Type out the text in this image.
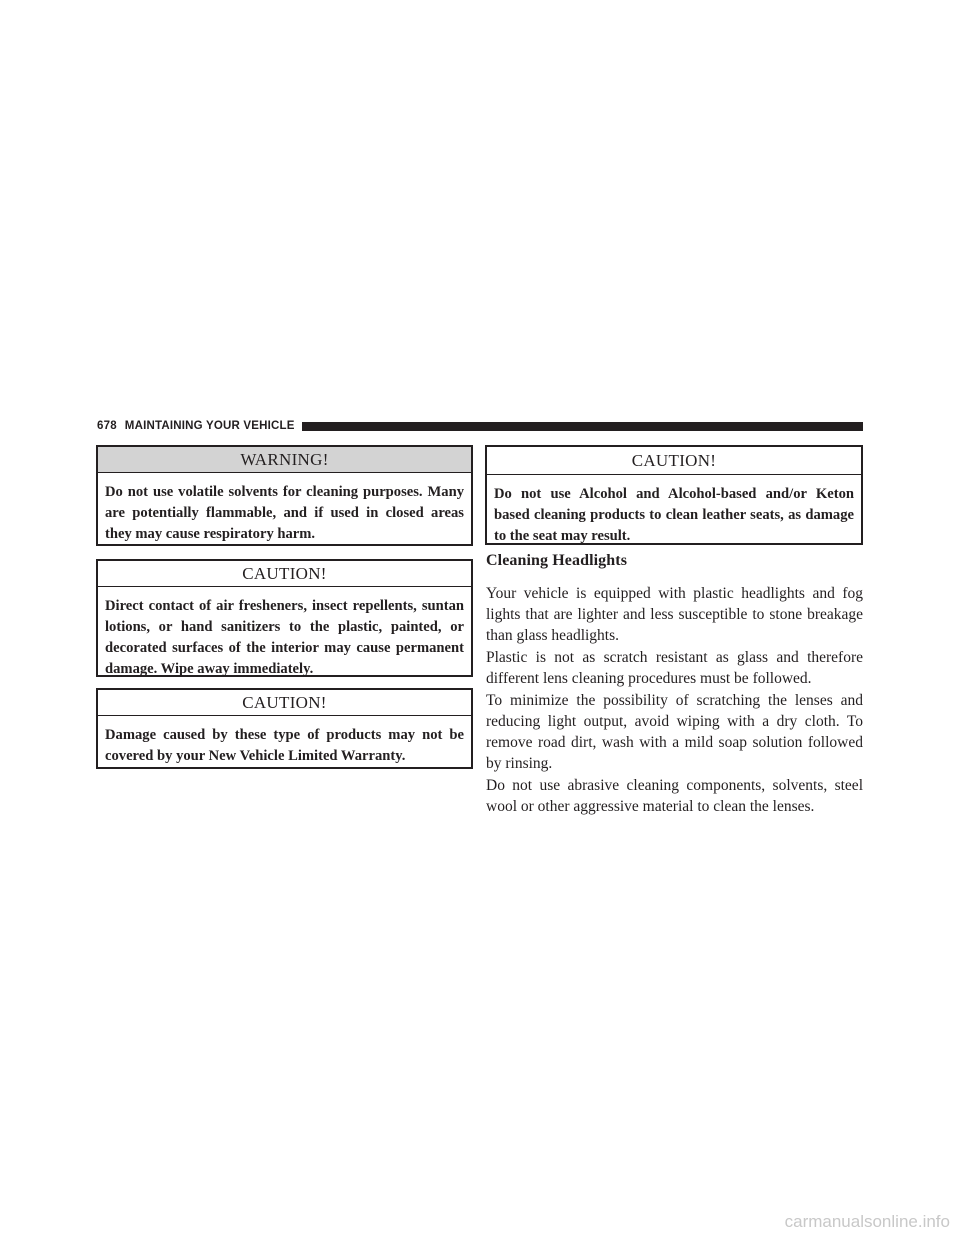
678 MAINTAINING YOUR VEHICLE
WARNING!
Do not use volatile solvents for cleaning purposes. Many are potentially flammable, and if used in closed areas they may cause respiratory harm.
CAUTION!
Direct contact of air fresheners, insect repellents, suntan lotions, or hand sanitizers to the plastic, painted, or decorated surfaces of the interior may cause permanent damage. Wipe away immediately.
CAUTION!
Damage caused by these type of products may not be covered by your New Vehicle Limited Warranty.
CAUTION!
Do not use Alcohol and Alcohol-based and/or Keton based cleaning products to clean leather seats, as damage to the seat may result.
Cleaning Headlights

Your vehicle is equipped with plastic headlights and fog lights that are lighter and less susceptible to stone breakage than glass headlights.

Plastic is not as scratch resistant as glass and therefore different lens cleaning procedures must be followed.

To minimize the possibility of scratching the lenses and reducing light output, avoid wiping with a dry cloth. To remove road dirt, wash with a mild soap solution followed by rinsing.

Do not use abrasive cleaning components, solvents, steel wool or other aggressive material to clean the lenses.

carmanualsonline.info
